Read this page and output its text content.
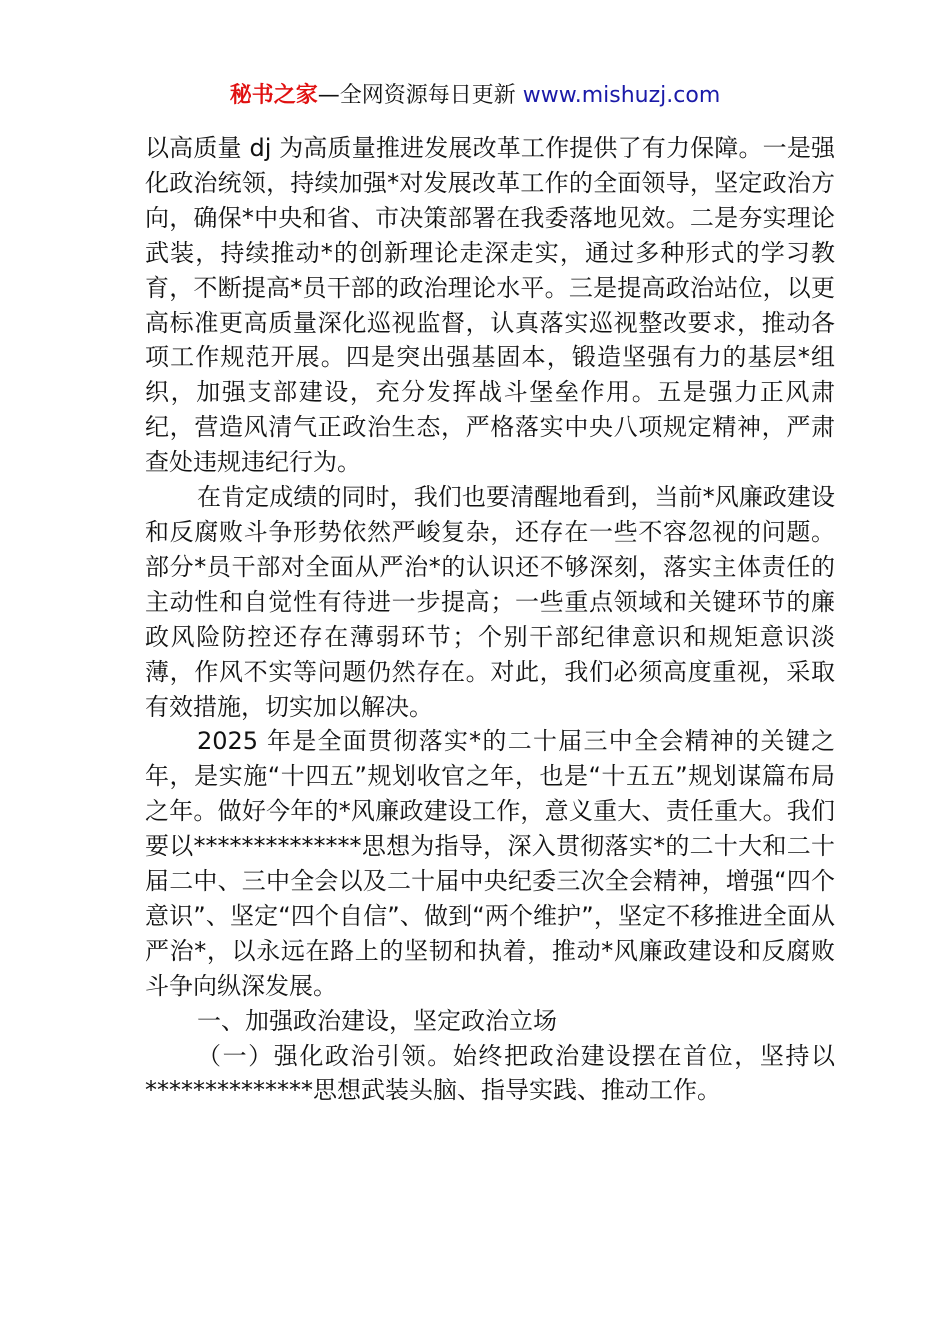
秘书之家—全网资源每日更新 www.mishuzj.com

以高质量 dj 为高质量推进发展改革工作提供了有力保障。一是强化政治统领，持续加强*对发展改革工作的全面领导，坚定政治方向，确保*中央和省、市决策部署在我委落地见效。二是夯实理论武装，持续推动*的创新理论走深走实，通过多种形式的学习教育，不断提高*员干部的政治理论水平。三是提高政治站位，以更高标准更高质量深化巡视监督，认真落实巡视整改要求，推动各项工作规范开展。四是突出强基固本，锻造坚强有力的基层*组织，加强支部建设，充分发挥战斗堡垒作用。五是强力正风肃纪，营造风清气正政治生态，严格落实中央八项规定精神，严肃查处违规违纪行为。

在肯定成绩的同时，我们也要清醒地看到，当前*风廉政建设和反腐败斗争形势依然严峻复杂，还存在一些不容忽视的问题。部分*员干部对全面从严治*的认识还不够深刻，落实主体责任的主动性和自觉性有待进一步提高；一些重点领域和关键环节的廉政风险防控还存在薄弱环节；个别干部纪律意识和规矩意识淡薄，作风不实等问题仍然存在。对此，我们必须高度重视，采取有效措施，切实加以解决。

2025 年是全面贯彻落实*的二十届三中全会精神的关键之年，是实施“十四五”规划收官之年，也是“十五五”规划谋篇布局之年。做好今年的*风廉政建设工作，意义重大、责任重大。我们要以**************思想为指导，深入贯彻落实*的二十大和二十届二中、三中全会以及二十届中央纪委三次全会精神，增强“四个意识”、坚定“四个自信”、做到“两个维护”，坚定不移推进全面从严治*，以永远在路上的坚韧和执着，推动*风廉政建设和反腐败斗争向纵深发展。

一、加强政治建设，坚定政治立场

（一）强化政治引领。始终把政治建设摆在首位，坚持以**************思想武装头脑、指导实践、推动工作。
